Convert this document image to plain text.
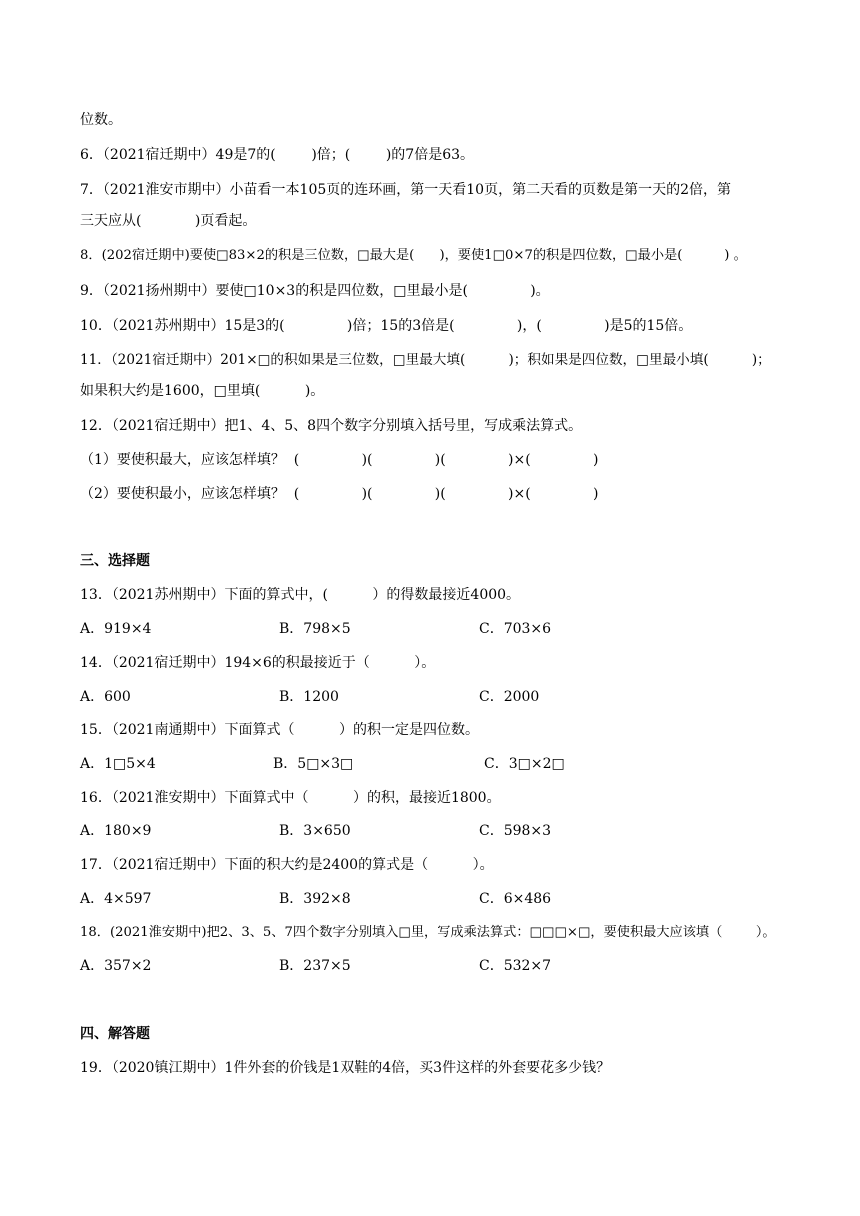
位数。
6．（2021宿迁期中）49是7的(        )倍；(        )的7倍是63。
7．（2021淮安市期中）小苗看一本105页的连环画，第一天看10页，第二天看的页数是第一天的2倍，第
三天应从(            )页看起。
8．(202宿迁期中)要使□83×2的积是三位数，□最大是(      )，要使1□0×7的积是四位数，□最小是(          ) 。
9．（2021扬州期中）要使□10×3的积是四位数，□里最小是(              )。
10．（2021苏州期中）15是3的(              )倍；15的3倍是(              )，(              )是5的15倍。
11．（2021宿迁期中）201×□的积如果是三位数，□里最大填(          )；积如果是四位数，□里最小填(          )；
如果积大约是1600，□里填(          )。
12．（2021宿迁期中）把1、4、5、8四个数字分别填入括号里，写成乘法算式。
（1）要使积最大，应该怎样填？  (              )(              )(              )×(              )
（2）要使积最小，应该怎样填？  (              )(              )(              )×(              )
三、选择题
13．（2021苏州期中）下面的算式中，(          ）的得数最接近4000。
A．919×4	B．798×5	C．703×6
14．（2021宿迁期中）194×6的积最接近于（          ）。
A．600	B．1200	C．2000
15．（2021南通期中）下面算式（          ）的积一定是四位数。
A．1□5×4	B．5□×3□	C．3□×2□
16．（2021淮安期中）下面算式中（          ）的积，最接近1800。
A．180×9	B．3×650	C．598×3
17．（2021宿迁期中）下面的积大约是2400的算式是（          ）。
A．4×597	B．392×8	C．6×486
18．(2021淮安期中)把2、3、5、7四个数字分别填入□里，写成乘法算式：□□□×□，要使积最大应该填（        ）。
A．357×2	B．237×5	C．532×7
四、解答题
19．（2020镇江期中）1件外套的价钱是1双鞋的4倍，买3件这样的外套要花多少钱？
